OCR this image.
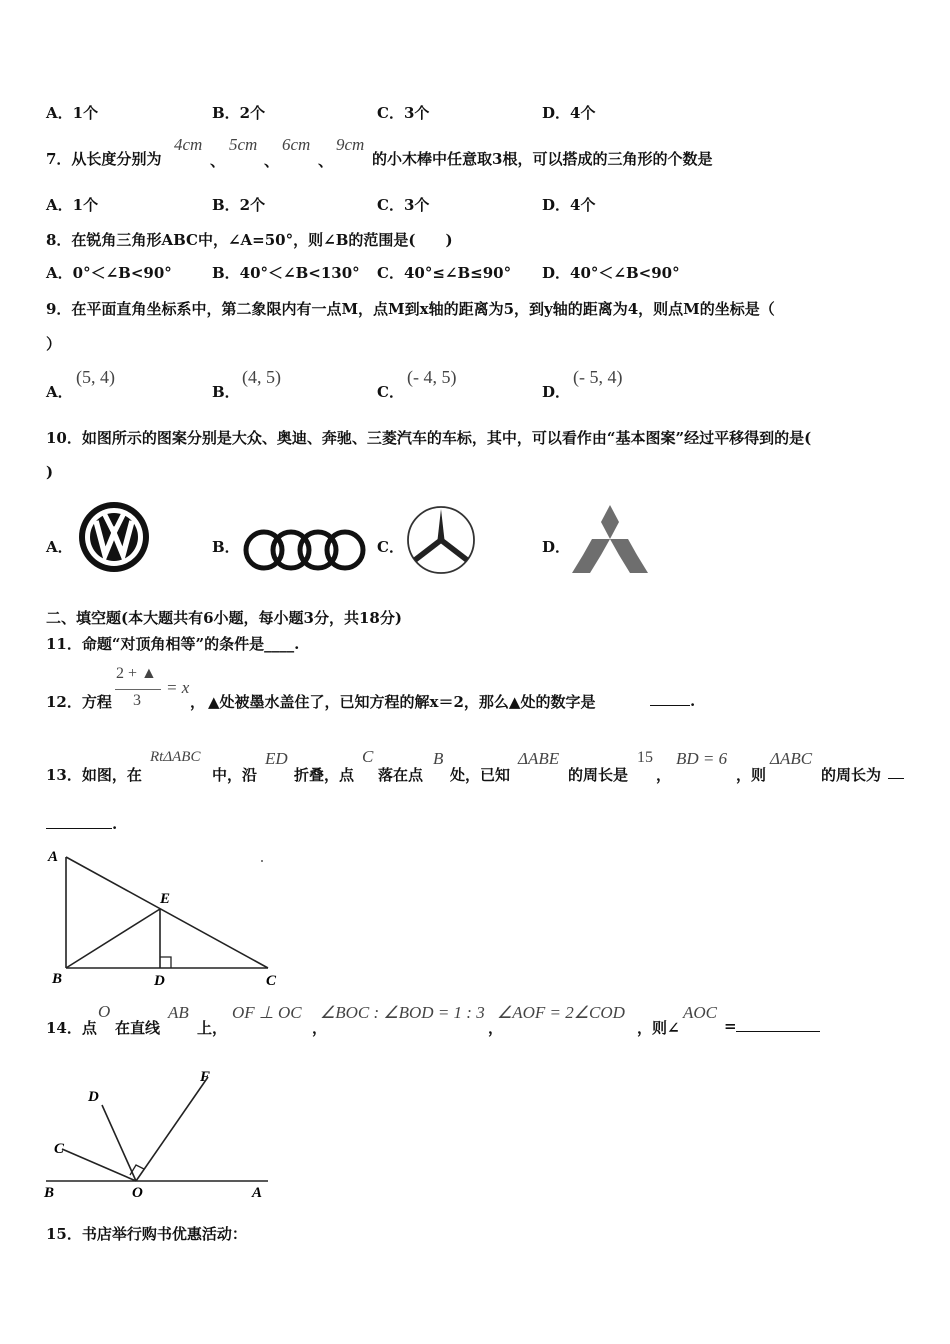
A．1个	B．2个	C．3个	D．4个
7．从长度分别为
4cm
、
5cm
、
6cm
、
9cm
的小木棒中任意取3根，可以搭成的三角形的个数是
A．1个	B．2个	C．3个	D．4个
8．在锐角三角形ABC中，∠A=50°，则∠B的范围是(　　)
A．0°＜∠B<90°	B．40°＜∠B<130° C．40°≤∠B≤90° D．40°＜∠B<90°
9．在平面直角坐标系中，第二象限内有一点M，点M到x轴的距离为5，到y轴的距离为4，则点M的坐标是（
）
A．
(5, 4)
B．
(4, 5)
C．
(- 4, 5)
D．
(- 5, 4)
10．如图所示的图案分别是大众、奥迪、奔驰、三菱汽车的车标，其中，可以看作由“基本图案”经过平移得到的是(
)
A．	B．	C．	D．
二、填空题(本大题共有6小题，每小题3分，共18分)
11．命题“对顶角相等”的条件是____.
12．方程
2 + ▲
3
= x
， ▲处被墨水盖住了，已知方程的解x＝2，那么▲处的数字是	.
13．如图，在
RtΔABC
中，沿
ED
折叠，点
C
落在点
B
处，已知
ΔABE
的周长是
15
，
BD = 6
，则
ΔABC
的周长为
.
A
E
B	D	C
14．点
O
在直线
AB
上，
OF ⊥ OC
，
∠BOC : ∠BOD = 1 : 3
，
∠AOF = 2∠COD
，则∠
AOC
=
F
D
C
B	O	A
15．书店举行购书优惠活动：
